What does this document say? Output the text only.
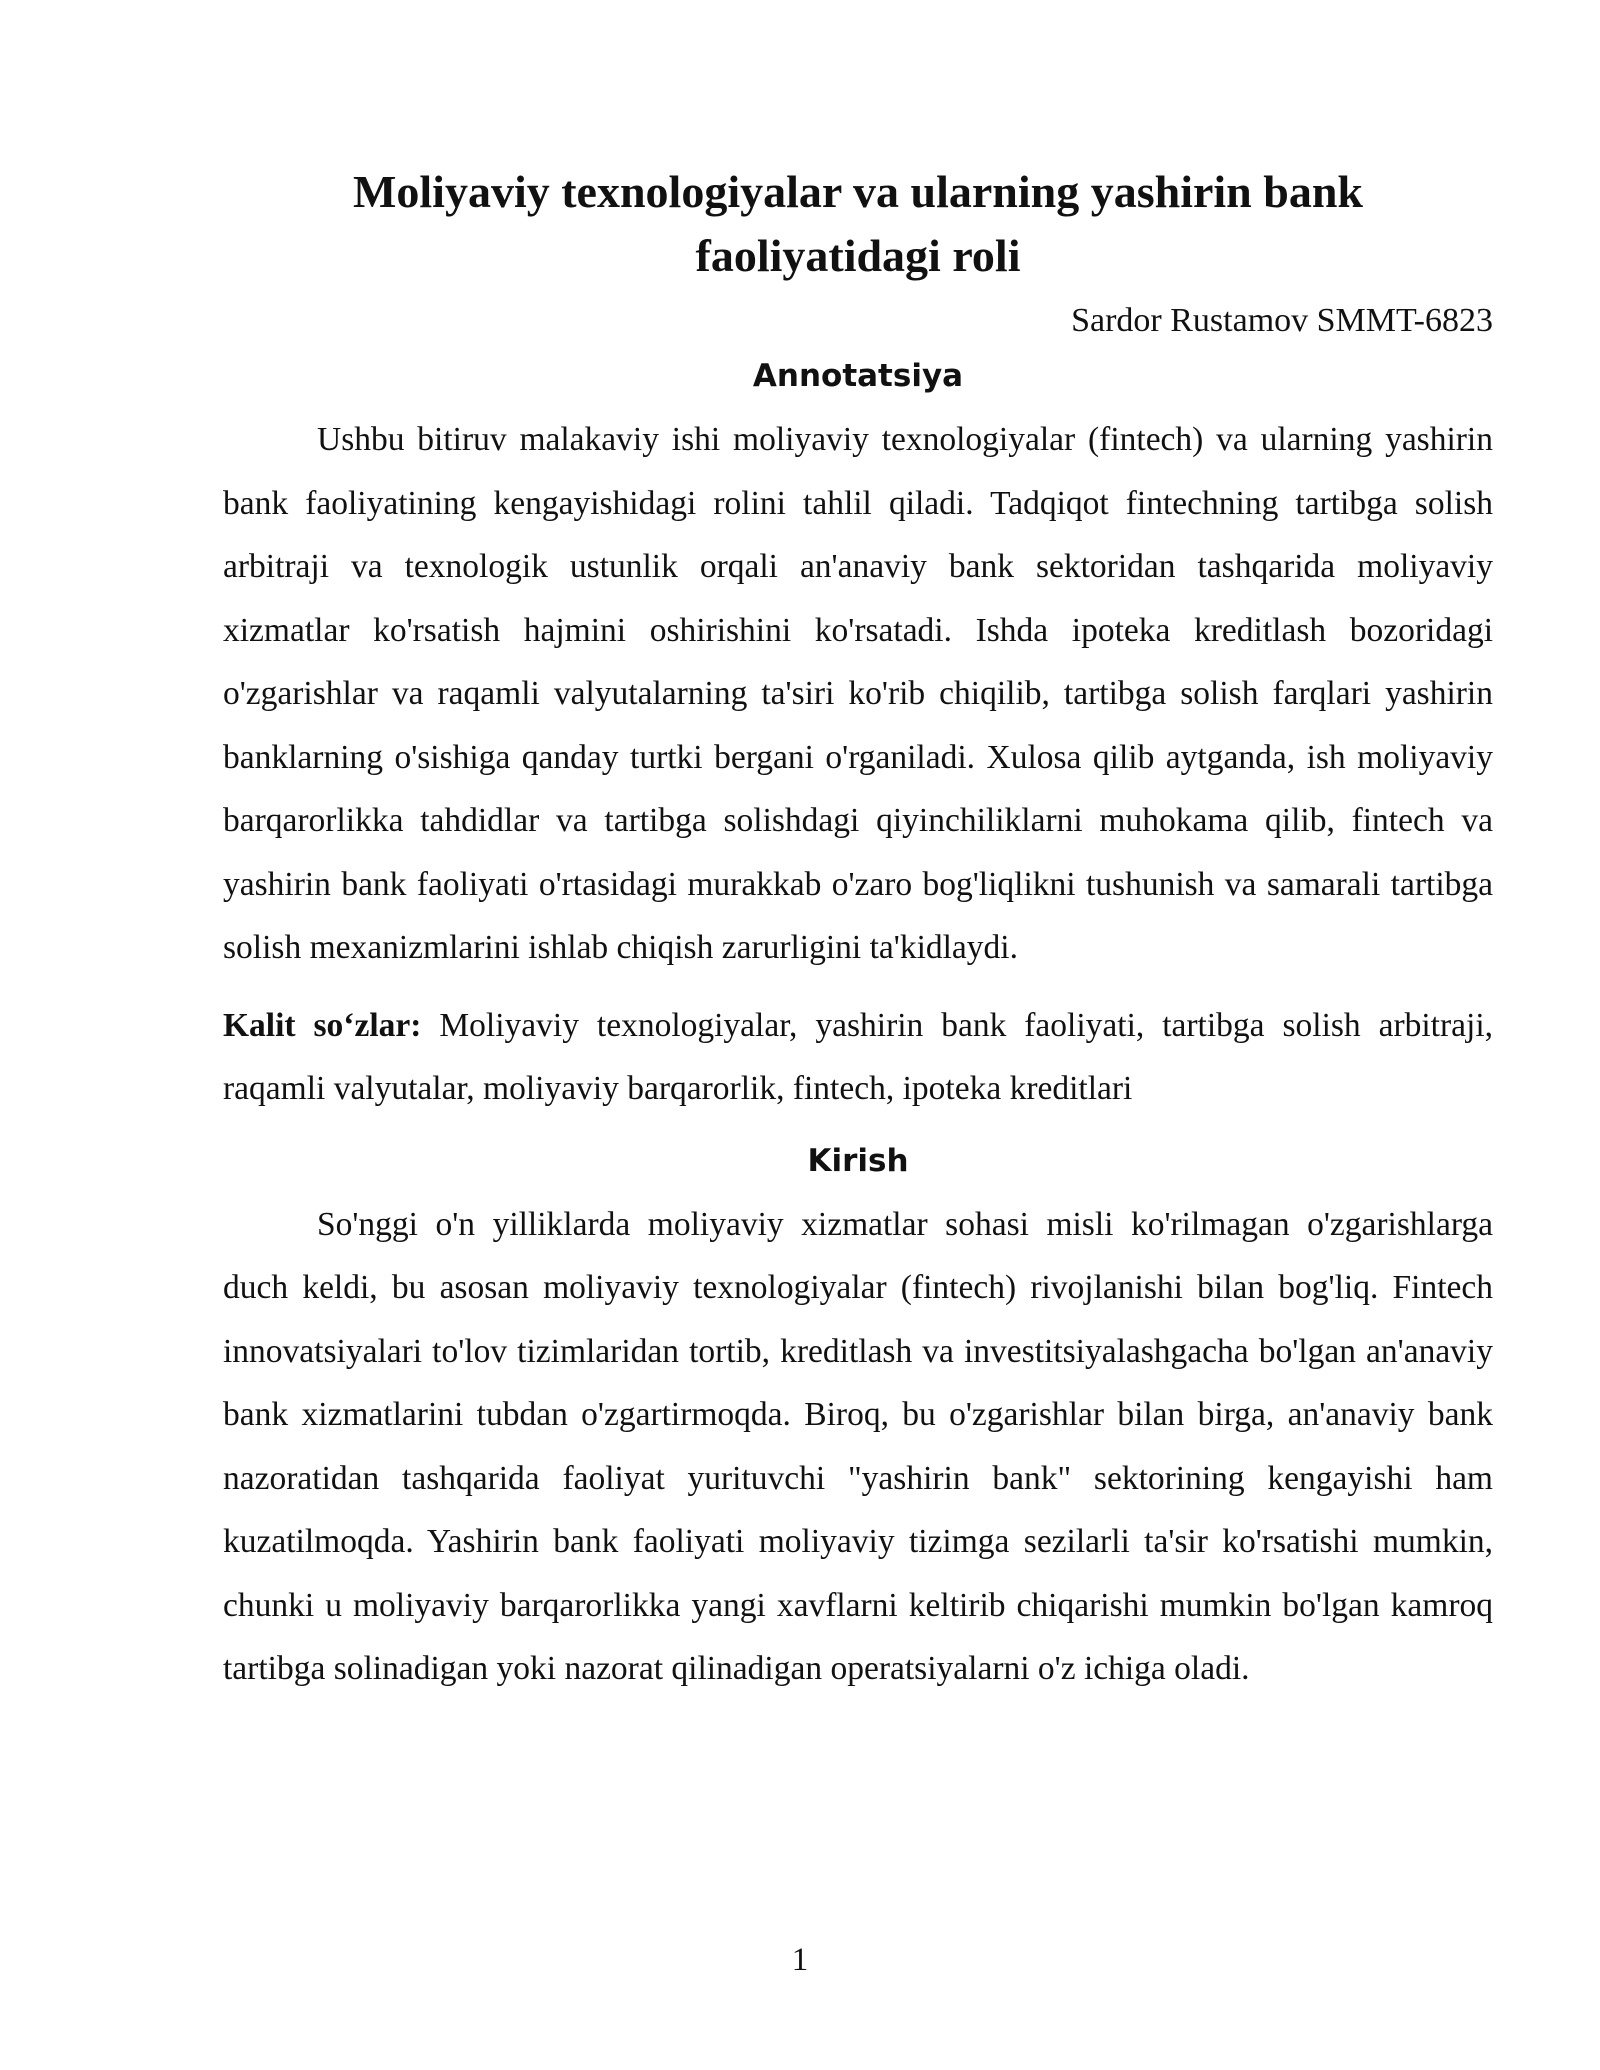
Moliyaviy texnologiyalar va ularning yashirin bank faoliyatidagi roli

Sardor Rustamov SMMT-6823

Annotatsiya

Ushbu bitiruv malakaviy ishi moliyaviy texnologiyalar (fintech) va ularning yashirin bank faoliyatining kengayishidagi rolini tahlil qiladi. Tadqiqot fintechning tartibga solish arbitraji va texnologik ustunlik orqali an'anaviy bank sektoridan tashqarida moliyaviy xizmatlar ko'rsatish hajmini oshirishini ko'rsatadi. Ishda ipoteka kreditlash bozoridagi o'zgarishlar va raqamli valyutalarning ta'siri ko'rib chiqilib, tartibga solish farqlari yashirin banklarning o'sishiga qanday turtki bergani o'rganiladi. Xulosa qilib aytganda, ish moliyaviy barqarorlikka tahdidlar va tartibga solishdagi qiyinchiliklarni muhokama qilib, fintech va yashirin bank faoliyati o'rtasidagi murakkab o'zaro bog'liqlikni tushunish va samarali tartibga solish mexanizmlarini ishlab chiqish zarurligini ta'kidlaydi.

Kalit so‘zlar: Moliyaviy texnologiyalar, yashirin bank faoliyati, tartibga solish arbitraji, raqamli valyutalar, moliyaviy barqarorlik, fintech, ipoteka kreditlari

Kirish

So'nggi o'n yilliklarda moliyaviy xizmatlar sohasi misli ko'rilmagan o'zgarishlarga duch keldi, bu asosan moliyaviy texnologiyalar (fintech) rivojlanishi bilan bog'liq. Fintech innovatsiyalari to'lov tizimlaridan tortib, kreditlash va investitsiyalashgacha bo'lgan an'anaviy bank xizmatlarini tubdan o'zgartirmoqda. Biroq, bu o'zgarishlar bilan birga, an'anaviy bank nazoratidan tashqarida faoliyat yurituvchi "yashirin bank" sektorining kengayishi ham kuzatilmoqda. Yashirin bank faoliyati moliyaviy tizimga sezilarli ta'sir ko'rsatishi mumkin, chunki u moliyaviy barqarorlikka yangi xavflarni keltirib chiqarishi mumkin bo'lgan kamroq tartibga solinadigan yoki nazorat qilinadigan operatsiyalarni o'z ichiga oladi.

1
